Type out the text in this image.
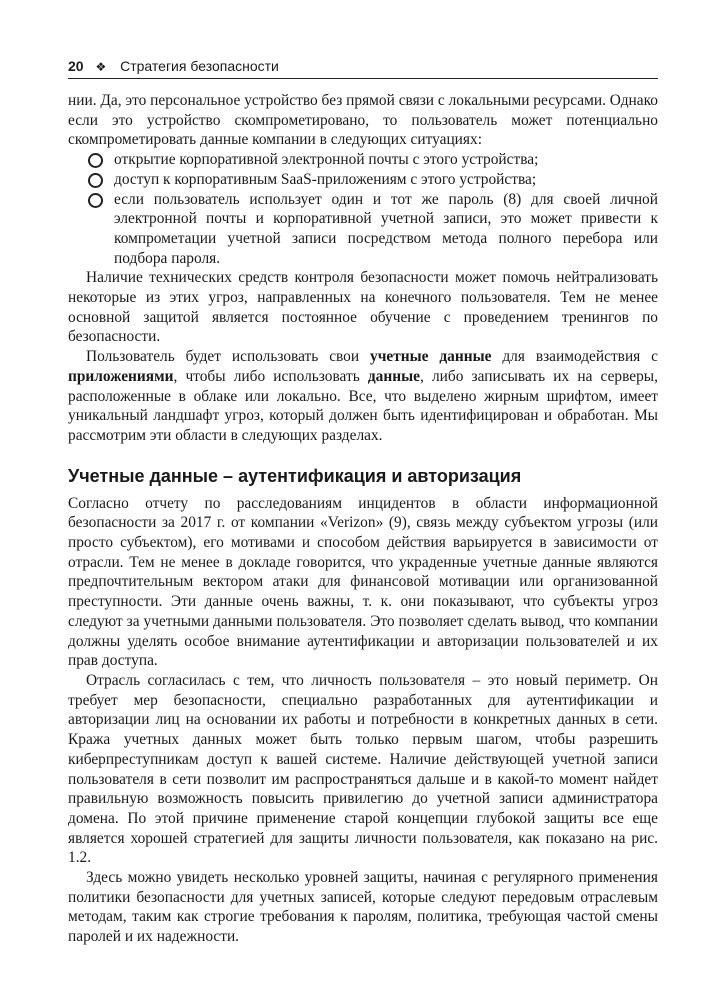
20 ❖ Стратегия безопасности

нии. Да, это персональное устройство без прямой связи с локальными ресурсами. Однако если это устройство скомпрометировано, то пользователь может потенциально скомпрометировать данные компании в следующих ситуациях:

открытие корпоративной электронной почты с этого устройства;
доступ к корпоративным SaaS-приложениям с этого устройства;
если пользователь использует один и тот же пароль (8) для своей личной электронной почты и корпоративной учетной записи, это может привести к компрометации учетной записи посредством метода полного перебора или подбора пароля.

Наличие технических средств контроля безопасности может помочь нейтрализовать некоторые из этих угроз, направленных на конечного пользователя. Тем не менее основной защитой является постоянное обучение с проведением тренингов по безопасности.

Пользователь будет использовать свои учетные данные для взаимодействия с приложениями, чтобы либо использовать данные, либо записывать их на серверы, расположенные в облаке или локально. Все, что выделено жирным шрифтом, имеет уникальный ландшафт угроз, который должен быть идентифицирован и обработан. Мы рассмотрим эти области в следующих разделах.

Учетные данные – аутентификация и авторизация

Согласно отчету по расследованиям инцидентов в области информационной безопасности за 2017 г. от компании «Verizon» (9), связь между субъектом угрозы (или просто субъектом), его мотивами и способом действия варьируется в зависимости от отрасли. Тем не менее в докладе говорится, что украденные учетные данные являются предпочтительным вектором атаки для финансовой мотивации или организованной преступности. Эти данные очень важны, т. к. они показывают, что субъекты угроз следуют за учетными данными пользователя. Это позволяет сделать вывод, что компании должны уделять особое внимание аутентификации и авторизации пользователей и их прав доступа.

Отрасль согласилась с тем, что личность пользователя – это новый периметр. Он требует мер безопасности, специально разработанных для аутентификации и авторизации лиц на основании их работы и потребности в конкретных данных в сети. Кража учетных данных может быть только первым шагом, чтобы разрешить киберпреступникам доступ к вашей системе. Наличие действующей учетной записи пользователя в сети позволит им распространяться дальше и в какой-то момент найдет правильную возможность повысить привилегию до учетной записи администратора домена. По этой причине применение старой концепции глубокой защиты все еще является хорошей стратегией для защиты личности пользователя, как показано на рис. 1.2.

Здесь можно увидеть несколько уровней защиты, начиная с регулярного применения политики безопасности для учетных записей, которые следуют передовым отраслевым методам, таким как строгие требования к паролям, политика, требующая частой смены паролей и их надежности.
